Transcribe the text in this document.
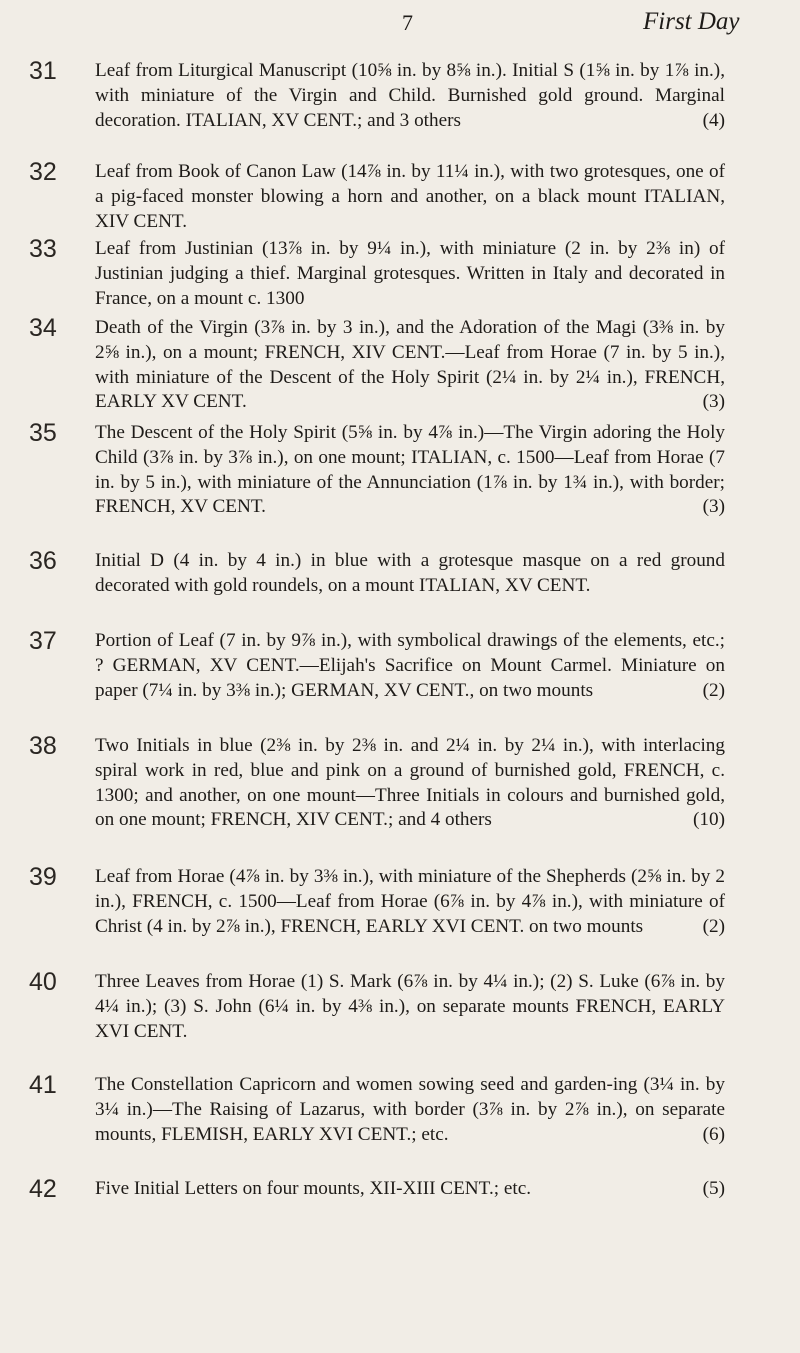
7	First Day
31	Leaf from Liturgical Manuscript (10⅝ in. by 8⅝ in.). Initial S (1⅝ in. by 1⅞ in.), with miniature of the Virgin and Child. Burnished gold ground. Marginal decoration. ITALIAN, XV CENT.; and 3 others	(4)
32	Leaf from Book of Canon Law (14⅞ in. by 11¼ in.), with two grotesques, one of a pig-faced monster blowing a horn and another, on a black mount ITALIAN, XIV CENT.
33	Leaf from Justinian (13⅞ in. by 9¼ in.), with miniature (2 in. by 2⅜ in) of Justinian judging a thief. Marginal grotesques. Written in Italy and decorated in France, on a mount c. 1300
34	Death of the Virgin (3⅞ in. by 3 in.), and the Adoration of the Magi (3⅜ in. by 2⅝ in.), on a mount; FRENCH, XIV CENT.—Leaf from Horae (7 in. by 5 in.), with miniature of the Descent of the Holy Spirit (2¼ in. by 2¼ in.), FRENCH, EARLY XV CENT.	(3)
35	The Descent of the Holy Spirit (5⅝ in. by 4⅞ in.)—The Virgin adoring the Holy Child (3⅞ in. by 3⅞ in.), on one mount; ITALIAN, c. 1500—Leaf from Horae (7 in. by 5 in.), with miniature of the Annunciation (1⅞ in. by 1¾ in.), with border; FRENCH, XV CENT.	(3)
36	Initial D (4 in. by 4 in.) in blue with a grotesque masque on a red ground decorated with gold roundels, on a mount ITALIAN, XV CENT.
37	Portion of Leaf (7 in. by 9⅞ in.), with symbolical drawings of the elements, etc.; ? GERMAN, XV CENT.—Elijah's Sacrifice on Mount Carmel. Miniature on paper (7¼ in. by 3⅜ in.); GERMAN, XV CENT., on two mounts	(2)
38	Two Initials in blue (2⅜ in. by 2⅜ in. and 2¼ in. by 2¼ in.), with interlacing spiral work in red, blue and pink on a ground of burnished gold, FRENCH, c. 1300; and another, on one mount—Three Initials in colours and burnished gold, on one mount; FRENCH, XIV CENT.; and 4 others	(10)
39	Leaf from Horae (4⅞ in. by 3⅜ in.), with miniature of the Shepherds (2⅝ in. by 2 in.), FRENCH, c. 1500—Leaf from Horae (6⅞ in. by 4⅞ in.), with miniature of Christ (4 in. by 2⅞ in.), FRENCH, EARLY XVI CENT. on two mounts	(2)
40	Three Leaves from Horae (1) S. Mark (6⅞ in. by 4¼ in.); (2) S. Luke (6⅞ in. by 4¼ in.); (3) S. John (6¼ in. by 4⅜ in.), on separate mounts FRENCH, EARLY XVI CENT.
41	The Constellation Capricorn and women sowing seed and garden-ing (3¼ in. by 3¼ in.)—The Raising of Lazarus, with border (3⅞ in. by 2⅞ in.), on separate mounts, FLEMISH, EARLY XVI CENT.; etc.	(6)
42	Five Initial Letters on four mounts, XII-XIII CENT.; etc.	(5)
